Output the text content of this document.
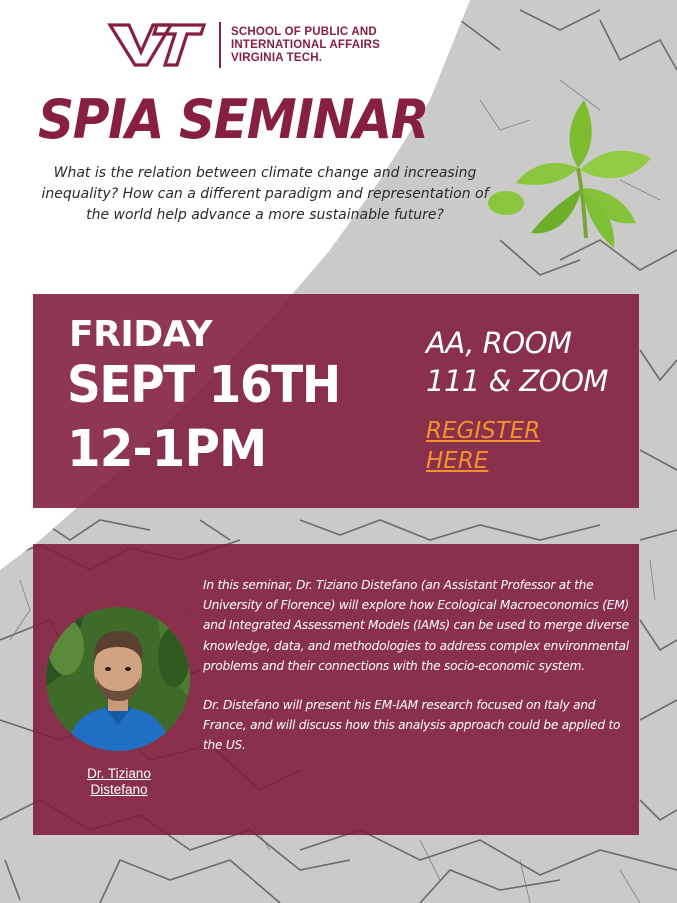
SCHOOL OF PUBLIC AND
INTERNATIONAL AFFAIRS
VIRGINIA TECH.
SPIA SEMINAR
What is the relation between climate change and increasing inequality? How can a different paradigm and representation of the world help advance a more sustainable future?
FRIDAY
SEPT 16TH
12-1PM
AA, ROOM 111 & ZOOM
REGISTER HERE
Dr. Tiziano Distefano

In this seminar, Dr. Tiziano Distefano (an Assistant Professor at the University of Florence) will explore how Ecological Macroeconomics (EM) and Integrated Assessment Models (IAMs) can be used to merge diverse knowledge, data, and methodologies to address complex environmental problems and their connections with the socio-economic system.

Dr. Distefano will present his EM-IAM research focused on Italy and France, and will discuss how this analysis approach could be applied to the US.
